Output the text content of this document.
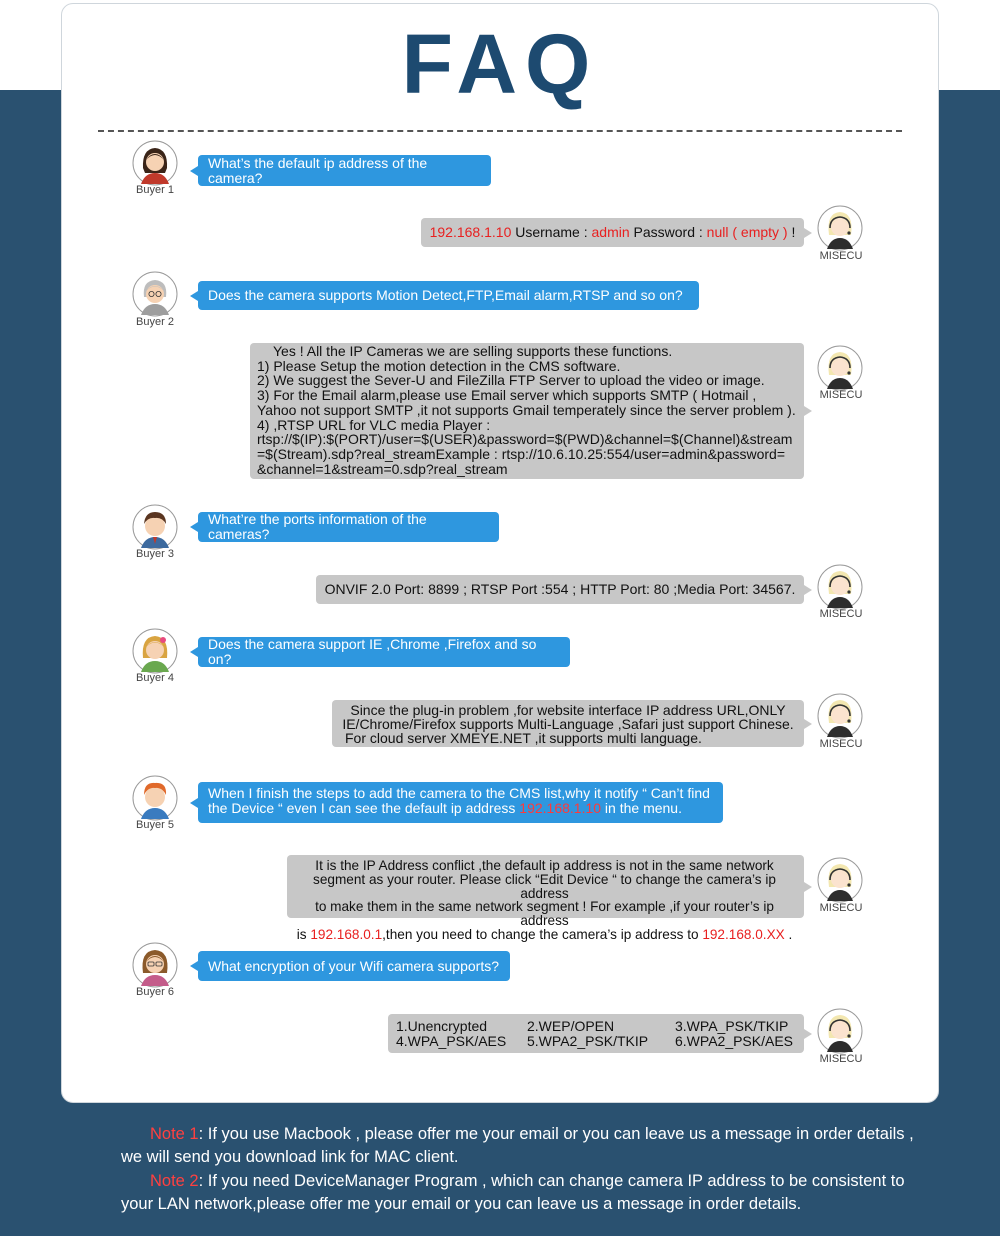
FAQ
Buyer 1
What’s the default ip address of the camera?
192.168.1.10 Username : admin Password : null ( empty ) !
MISECU
Buyer 2
Does the camera supports Motion Detect,FTP,Email alarm,RTSP and so on?
Yes ! All the IP Cameras we are selling supports these functions.
1) Please Setup the motion detection in the CMS software.
2) We suggest the Sever-U and FileZilla FTP Server to upload the video or image.
3) For the Email alarm,please use Email server which supports SMTP ( Hotmail ,
Yahoo not support SMTP ,it not supports Gmail temperately since the server problem ).
4) ,RTSP URL for VLC media Player :
rtsp://$(IP):$(PORT)/user=$(USER)&password=$(PWD)&channel=$(Channel)&stream
=$(Stream).sdp?real_streamExample : rtsp://10.6.10.25:554/user=admin&password=
&channel=1&stream=0.sdp?real_stream
MISECU
Buyer 3
What’re the ports information of the cameras?
ONVIF 2.0 Port: 8899 ; RTSP Port :554 ; HTTP Port: 80 ;Media Port: 34567.
MISECU
Buyer 4
Does the camera support IE ,Chrome ,Firefox and so on?
Since the plug-in problem ,for website interface IP address URL,ONLY
IE/Chrome/Firefox supports Multi-Language ,Safari just support Chinese.
For cloud server XMEYE.NET ,it supports multi language.	MISECU
Buyer 5
When I finish the steps to add the camera to the CMS list,why it notify “ Can’t find
the Device “ even I can see the default ip address 192.168.1.10 in the menu.
It is the IP Address conflict ,the default ip address is not in the same network
segment as your router. Please click “Edit Device “ to change the camera’s ip address
to make them in the same network segment ! For example ,if your router’s ip address
is 192.168.0.1,then you need to change the camera’s ip address to 192.168.0.XX .
MISECU
Buyer 6
What encryption of your Wifi camera supports?
1.Unencrypted	2.WEP/OPEN	3.WPA_PSK/TKIP
4.WPA_PSK/AES	5.WPA2_PSK/TKIP	6.WPA2_PSK/AES
MISECU
Note 1: If you use Macbook , please offer me your email or you can leave us a message in order details ,
we will send you download link for MAC client.
Note 2: If you need DeviceManager Program , which can change camera IP address to be consistent to
your LAN network,please offer me your email or you can leave us a message in order details.
